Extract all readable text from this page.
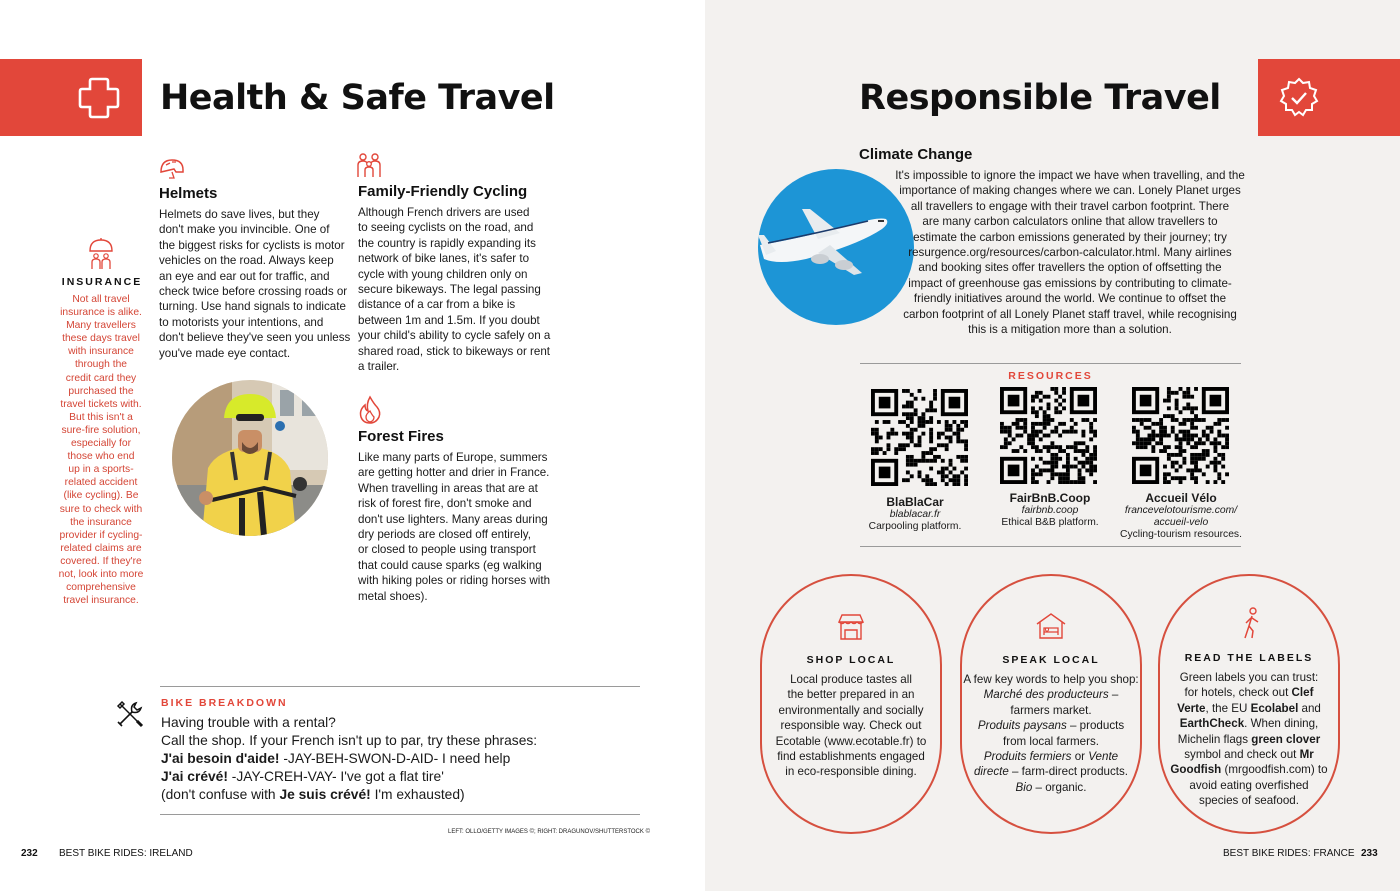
Health & Safe Travel
Helmets
Helmets do save lives, but they
don't make you invincible. One of
the biggest risks for cyclists is motor
vehicles on the road. Always keep
an eye and ear out for traffic, and
check twice before crossing roads or
turning. Use hand signals to indicate
to motorists your intentions, and
don't believe they've seen you unless
you've made eye contact.
Family-Friendly Cycling
Although French drivers are used
to seeing cyclists on the road, and
the country is rapidly expanding its
network of bike lanes, it's safer to
cycle with young children only on
secure bikeways. The legal passing
distance of a car from a bike is
between 1m and 1.5m. If you doubt
your child's ability to cycle safely on a
shared road, stick to bikeways or rent
a trailer.
INSURANCE
Not all travel
insurance is alike.
Many travellers
these days travel
with insurance
through the
credit card they
purchased the
travel tickets with.
But this isn't a
sure-fire solution,
especially for
those who end
up in a sports-
related accident
(like cycling). Be
sure to check with
the insurance
provider if cycling-
related claims are
covered. If they're
not, look into more
comprehensive
travel insurance.
Forest Fires
Like many parts of Europe, summers
are getting hotter and drier in France.
When travelling in areas that are at
risk of forest fire, don't smoke and
don't use lighters. Many areas during
dry periods are closed off entirely,
or closed to people using transport
that could cause sparks (eg walking
with hiking poles or riding horses with
metal shoes).
BIKE BREAKDOWN
Having trouble with a rental?
Call the shop. If your French isn't up to par, try these phrases:
J'ai besoin d'aide! -JAY-BEH-SWON-D-AID- I need help
J'ai crévé! -JAY-CREH-VAY- I've got a flat tire'
(don't confuse with Je suis crévé! I'm exhausted)
LEFT: OLLO/GETTY IMAGES ©; RIGHT: DRAGUNOV/SHUTTERSTOCK ©
232 BEST BIKE RIDES: IRELAND
Responsible Travel
Climate Change
It's impossible to ignore the impact we have when travelling, and the
importance of making changes where we can. Lonely Planet urges
all travellers to engage with their travel carbon footprint. There
are many carbon calculators online that allow travellers to
estimate the carbon emissions generated by their journey; try
resurgence.org/resources/carbon-calculator.html. Many airlines
and booking sites offer travellers the option of offsetting the
impact of greenhouse gas emissions by contributing to climate-
friendly initiatives around the world. We continue to offset the
carbon footprint of all Lonely Planet staff travel, while recognising
this is a mitigation more than a solution.
RESOURCES
BlaBlaCar
blablacar.fr
Carpooling platform.
FairBnB.Coop
fairbnb.coop
Ethical B&B platform.
Accueil Vélo
francevelotourisme.com/ accueil-velo
Cycling-tourism resources.
SHOP LOCAL
Local produce tastes all
the better prepared in an
environmentally and socially
responsible way. Check out
Ecotable (www.ecotable.fr) to
find establishments engaged
in eco-responsible dining.
SPEAK LOCAL
A few key words to help you shop:
Marché des producteurs –
farmers market.
Produits paysans – products
from local farmers.
Produits fermiers or Vente
directe – farm-direct products.
Bio – organic.
READ THE LABELS
Green labels you can trust:
for hotels, check out Clef
Verte, the EU Ecolabel and
EarthCheck. When dining,
Michelin flags green clover
symbol and check out Mr
Goodfish (mrgoodfish.com) to
avoid eating overfished
species of seafood.
BEST BIKE RIDES: FRANCE 233
